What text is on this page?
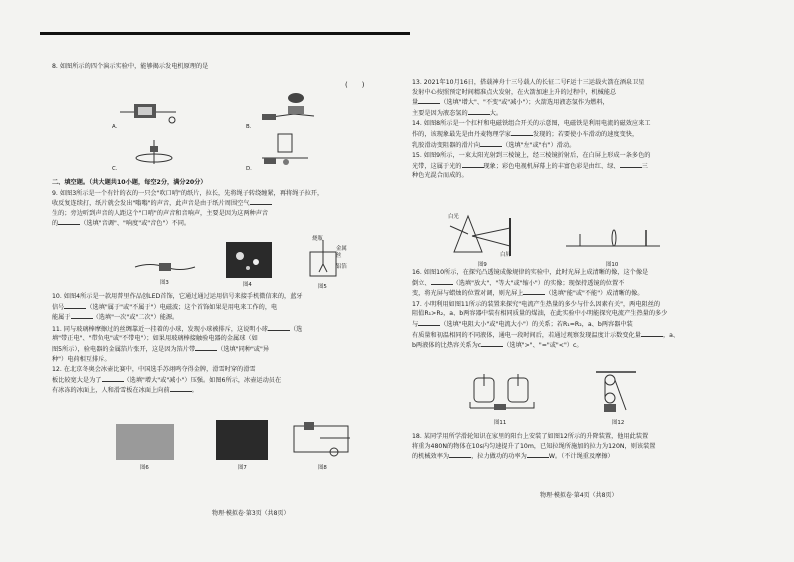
8. 如图所示的四个演示实验中，能够揭示发电机原理的是
(　　)
A.	B.
C.	D.
二、填空题。（共大题共10小题，每空2分，满分20分）
9. 如图3所示是一个有针的衣的一只会"吹口哨"的纸片，拉长，先将绳子转绕缠紧，再将绳子拉开，
收反复连续打，纸片就会发出"嗡嗡"的声音，此声音是由于纸片周围空气
生的；旁边听到声音的人距这个"口哨"的声音和音响声，主要是因为这两种声音
的	（选填"音调"、"响度"或"音色"）不同。
图3	图4
烧瓶
金属
丝
铝箔
图5
10. 如图4所示是一款用普里作品创LED首饰，它通过通过运用信号来接手机微信来的，蓝牙
信号	（选填"属于"或"不属于"）电磁波；这个首饰如果是用电来工作的，电
能属于	（选填"一次"或"二次"）能源。
11. 同与玻璃棒摩擦过的丝绸靠近一挂着的小球，发现小球被排斥，这说明小球	（选
填"带正电"、"带负电"或"不带电"）；如果用玻璃棒接触验电器的金属球（如
图5所示），验电器的金属箔片张开，这是因为箔片带	（选填"同种"或"异
种"）电荷相互排斥。
12. 在北京冬奥会冰壶比赛中，中国选手苏翊鸣夺得金牌，滑雪时穿的滑雪
板比较宽大是为了	（选填"增大"或"减小"）压强。如图6所示，冰壶运动员在
有冰冻的冰面上，人和滑雪板在冰面上向前	。
图6	图7	图8
物理·模拟卷·第3页（共8页）
13. 2021年10月16日，搭载神舟十三号载人的长征二号F运十三运载火箭在酒泉卫星
发射中心按照预定时间精准点火发射，在火箭加速上升的过程中，机械能总
量	（选填"增大"、"不变"或"减小"）；火箭选用液态氢作为燃料，
主要是因为液态氢的	大。
14. 如图8所示是一个扛杆和电磁铁组合开关的示意图，电磁铁是利用电流的磁效应来工
作的，该现象最先是由丹麦物理学家	发现的；若要使小车滑动的速度变快，
乳胶滑动变阻器的滑片向	（选填"左"或"右"）滑动。
15. 如图9所示，一束太阳光射到三棱镜上，经三棱镜折射后，在白屏上形成一条多色的
光带，这属于光的	现象；彩色电视机屏幕上的丰富色彩是由红、绿、	三
种色光混合而成的。
白光
白屏
图9	图10
16. 如图10所示，在探究凸透镜成像规律的实验中，此时光屏上成清晰的像，这个像是
倒立、	（选填"放大"、"等大"或"缩小"）的实像；现保持透镜的位置不
变，将光屏与蜡烛的位置对调，则光屏上	（选填"能"或"不能"）成清晰的像。
17. 小明利用如图11所示的装置来探究"电流产生热量的多少与什么因素有关"，两电阻丝的
阻值R₁>R₂，a、b两容器中装有相同质量的煤油，在此实验中小明能探究电流产生热量的多少
与	（选填"电阻大小"或"电流大小"）的关系；若R₁=R₂，a、b两容器中装
有质量和初温相同的不同液体，通电一段时间后，若通过观察发现温度计示数变化量	，a、
b两液体的比热容关系为c	（选填">"、"="或"<"）c。
图11	图12
18. 某同学用所学滑轮知识在家里的阳台上安装了如图12所示的升降装置，他用此装置
将重为480N的物体在10s内匀速提升了10m，已知拉绳所施加的拉力为120N，则该装置
的机械效率为	，拉力做功的功率为	W。（不计绳重及摩擦）
物理·模拟卷·第4页（共8页）
